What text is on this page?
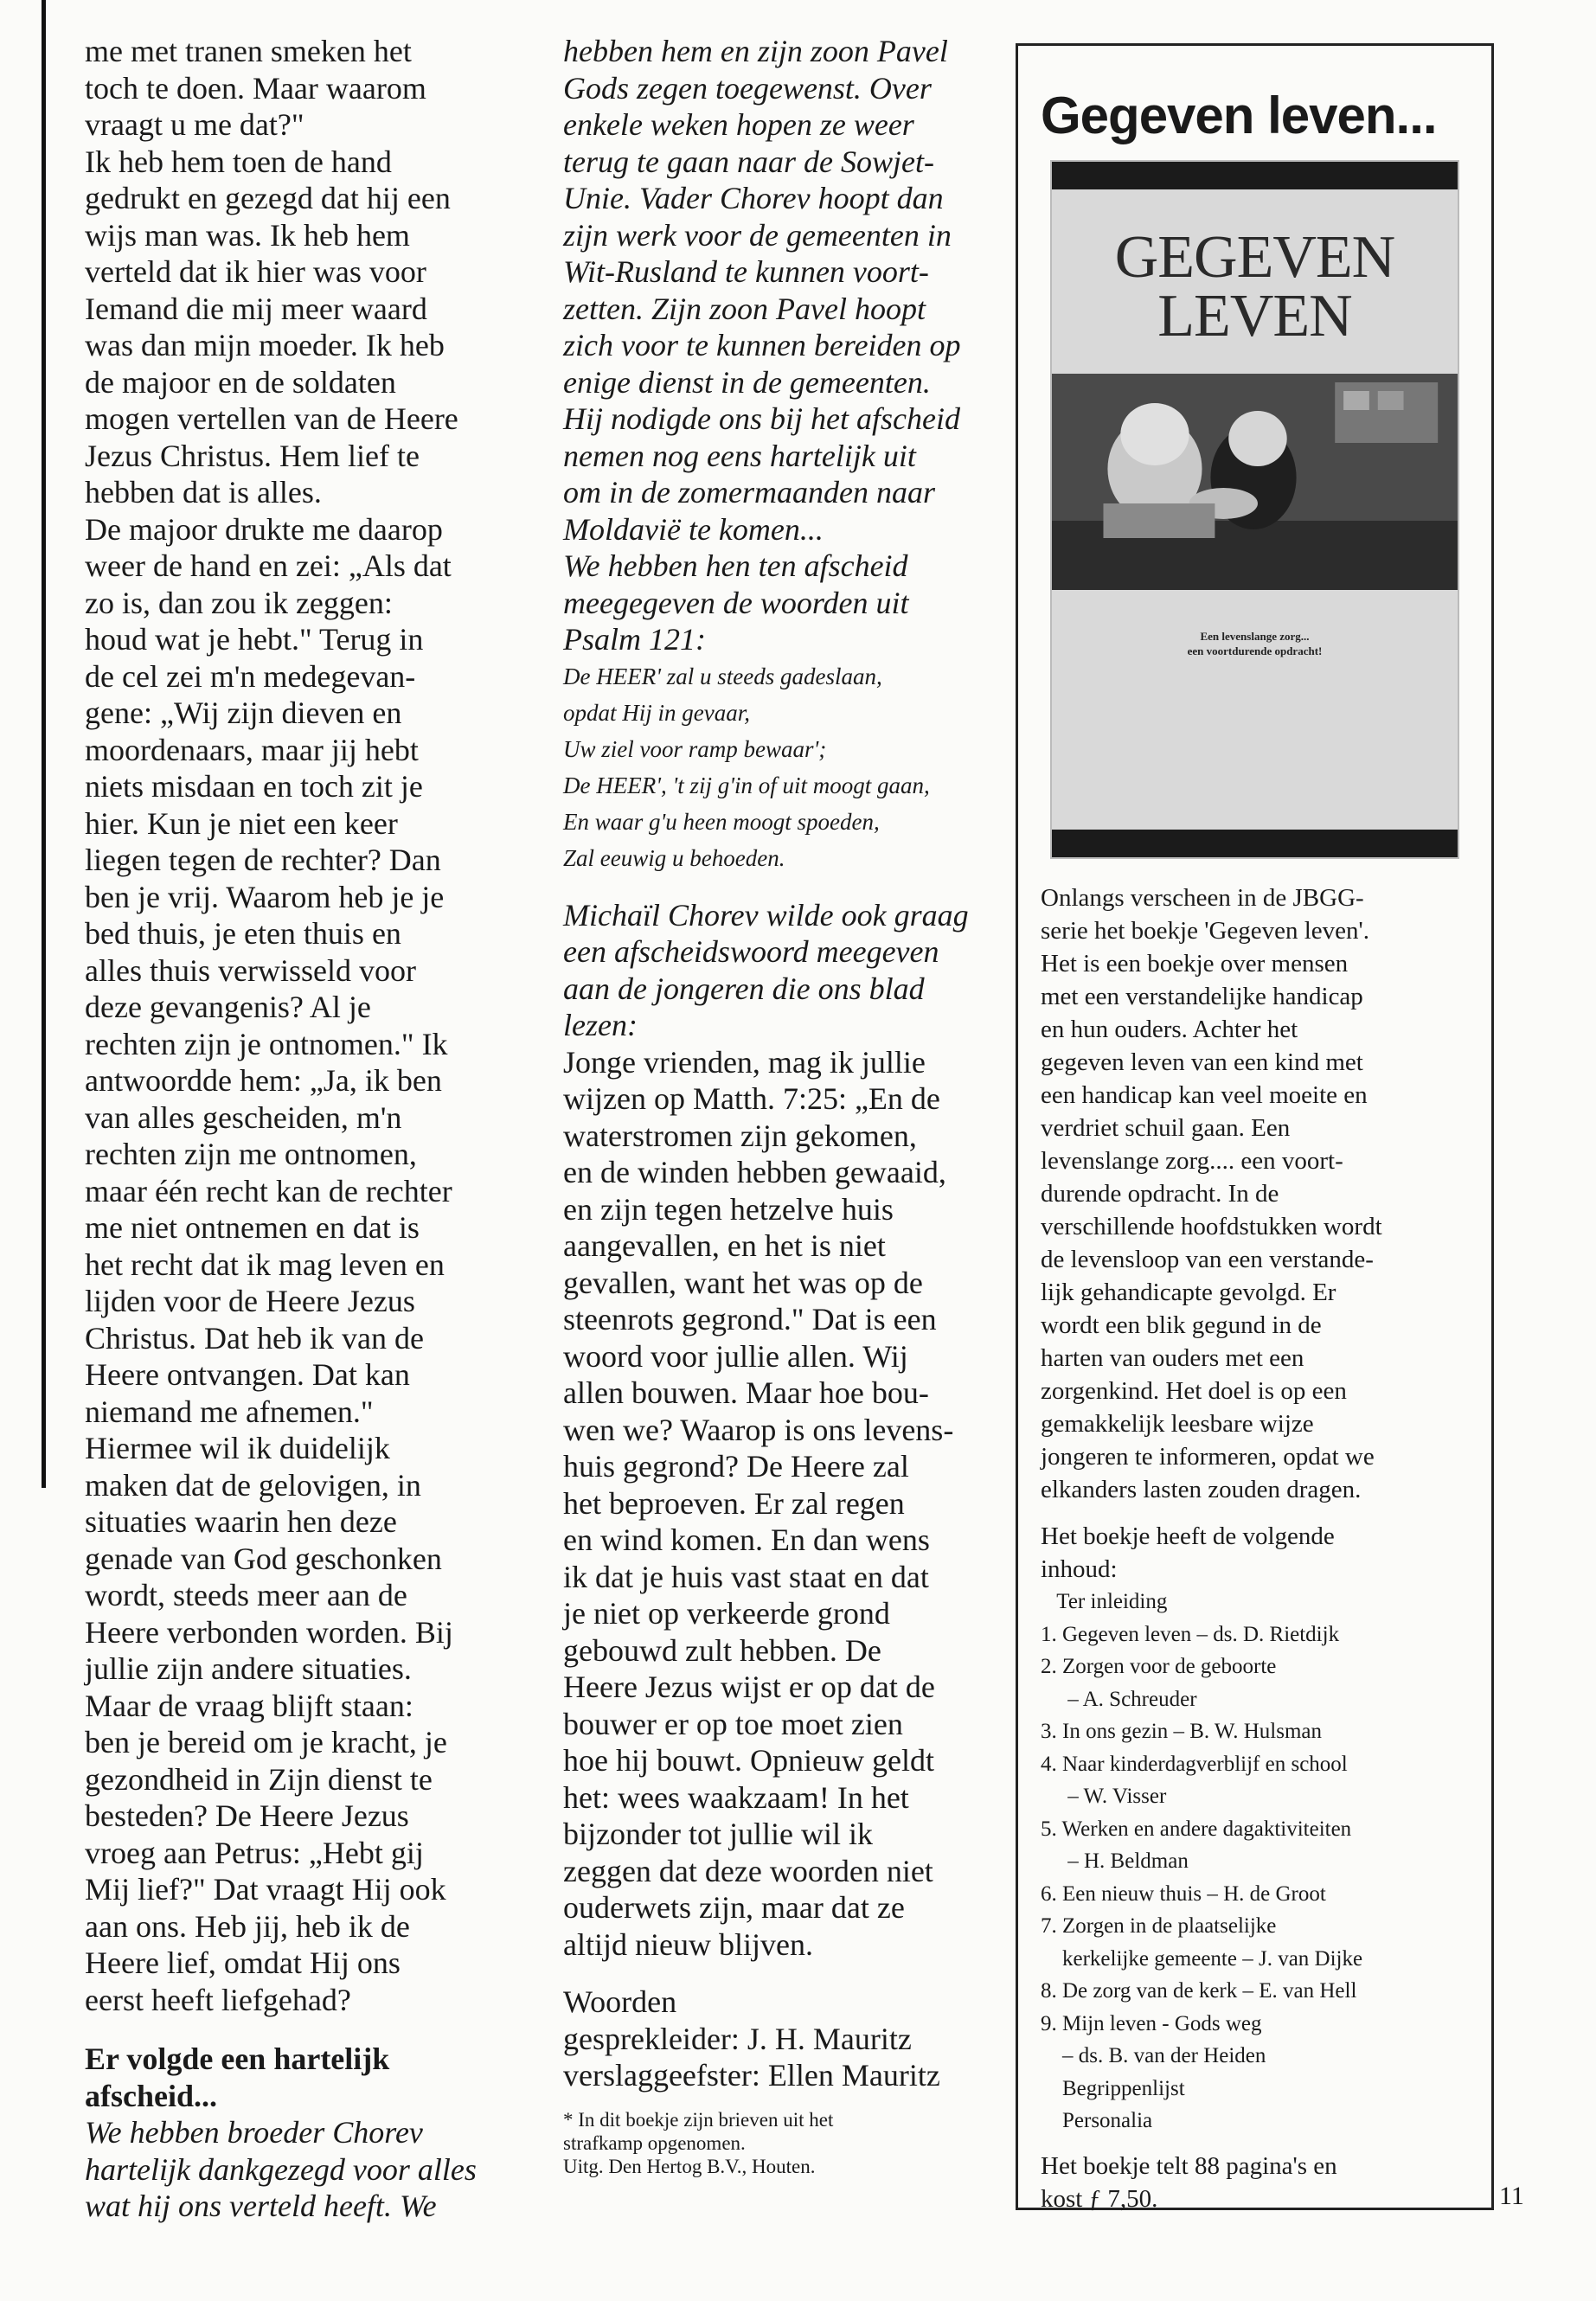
me met tranen smeken het

toch te doen. Maar waarom

vraagt u me dat?"

Ik heb hem toen de hand

gedrukt en gezegd dat hij een

wijs man was. Ik heb hem

verteld dat ik hier was voor

Iemand die mij meer waard

was dan mijn moeder. Ik heb

de majoor en de soldaten

mogen vertellen van de Heere

Jezus Christus. Hem lief te

hebben dat is alles.

De majoor drukte me daarop

weer de hand en zei: „Als dat

zo is, dan zou ik zeggen:

houd wat je hebt." Terug in

de cel zei m'n medegevan-

gene: „Wij zijn dieven en

moordenaars, maar jij hebt

niets misdaan en toch zit je

hier. Kun je niet een keer

liegen tegen de rechter? Dan

ben je vrij. Waarom heb je je

bed thuis, je eten thuis en

alles thuis verwisseld voor

deze gevangenis? Al je

rechten zijn je ontnomen." Ik

antwoordde hem: „Ja, ik ben

van alles gescheiden, m'n

rechten zijn me ontnomen,

maar één recht kan de rechter

me niet ontnemen en dat is

het recht dat ik mag leven en

lijden voor de Heere Jezus

Christus. Dat heb ik van de

Heere ontvangen. Dat kan

niemand me afnemen."

Hiermee wil ik duidelijk

maken dat de gelovigen, in

situaties waarin hen deze

genade van God geschonken

wordt, steeds meer aan de

Heere verbonden worden. Bij

jullie zijn andere situaties.

Maar de vraag blijft staan:

ben je bereid om je kracht, je

gezondheid in Zijn dienst te

besteden? De Heere Jezus

vroeg aan Petrus: „Hebt gij

Mij lief?" Dat vraagt Hij ook

aan ons. Heb jij, heb ik de

Heere lief, omdat Hij ons

eerst heeft liefgehad?

Er volgde een hartelijk

afscheid...

We hebben broeder Chorev

hartelijk dankgezegd voor alles

wat hij ons verteld heeft. We

hebben hem en zijn zoon Pavel

Gods zegen toegewenst. Over

enkele weken hopen ze weer

terug te gaan naar de Sowjet-

Unie. Vader Chorev hoopt dan

zijn werk voor de gemeenten in

Wit-Rusland te kunnen voort-

zetten. Zijn zoon Pavel hoopt

zich voor te kunnen bereiden op

enige dienst in de gemeenten.

Hij nodigde ons bij het afscheid

nemen nog eens hartelijk uit

om in de zomermaanden naar

Moldavië te komen...

We hebben hen ten afscheid

meegegeven de woorden uit

Psalm 121:

De HEER' zal u steeds gadeslaan,

opdat Hij in gevaar,

Uw ziel voor ramp bewaar';

De HEER', 't zij g'in of uit moogt gaan,

En waar g'u heen moogt spoeden,

Zal eeuwig u behoeden.

Michaïl Chorev wilde ook graag

een afscheidswoord meegeven

aan de jongeren die ons blad

lezen:

Jonge vrienden, mag ik jullie

wijzen op Matth. 7:25: „En de

waterstromen zijn gekomen,

en de winden hebben gewaaid,

en zijn tegen hetzelve huis

aangevallen, en het is niet

gevallen, want het was op de

steenrots gegrond." Dat is een

woord voor jullie allen. Wij

allen bouwen. Maar hoe bou-

wen we? Waarop is ons levens-

huis gegrond? De Heere zal

het beproeven. Er zal regen

en wind komen. En dan wens

ik dat je huis vast staat en dat

je niet op verkeerde grond

gebouwd zult hebben. De

Heere Jezus wijst er op dat de

bouwer er op toe moet zien

hoe hij bouwt. Opnieuw geldt

het: wees waakzaam! In het

bijzonder tot jullie wil ik

zeggen dat deze woorden niet

ouderwets zijn, maar dat ze

altijd nieuw blijven.

Woorden

gesprekleider: J. H. Mauritz

verslaggeefster: Ellen Mauritz

* In dit boekje zijn brieven uit het

strafkamp opgenomen.

Uitg. Den Hertog B.V., Houten.

Gegeven leven...
GEGEVEN
LEVEN
Een levenslange zorg...
een voortdurende opdracht!

Onlangs verscheen in de JBGG-

serie het boekje 'Gegeven leven'.

Het is een boekje over mensen

met een verstandelijke handicap

en hun ouders. Achter het

gegeven leven van een kind met

een handicap kan veel moeite en

verdriet schuil gaan. Een

levenslange zorg.... een voort-

durende opdracht. In de

verschillende hoofdstukken wordt

de levensloop van een verstande-

lijk gehandicapte gevolgd. Er

wordt een blik gegund in de

harten van ouders met een

zorgenkind. Het doel is op een

gemakkelijk leesbare wijze

jongeren te informeren, opdat we

elkanders lasten zouden dragen.

Het boekje heeft de volgende

inhoud:

Ter inleiding
1. Gegeven leven – ds. D. Rietdijk
2. Zorgen voor de geboorte
– A. Schreuder
3. In ons gezin – B. W. Hulsman
4. Naar kinderdagverblijf en school
– W. Visser
5. Werken en andere dagaktiviteiten
– H. Beldman
6. Een nieuw thuis – H. de Groot
7. Zorgen in de plaatselijke
kerkelijke gemeente – J. van Dijke
8. De zorg van de kerk – E. van Hell
9. Mijn leven - Gods weg
– ds. B. van der Heiden
Begrippenlijst
Personalia

Het boekje telt 88 pagina's en

kost ƒ 7,50.	11
